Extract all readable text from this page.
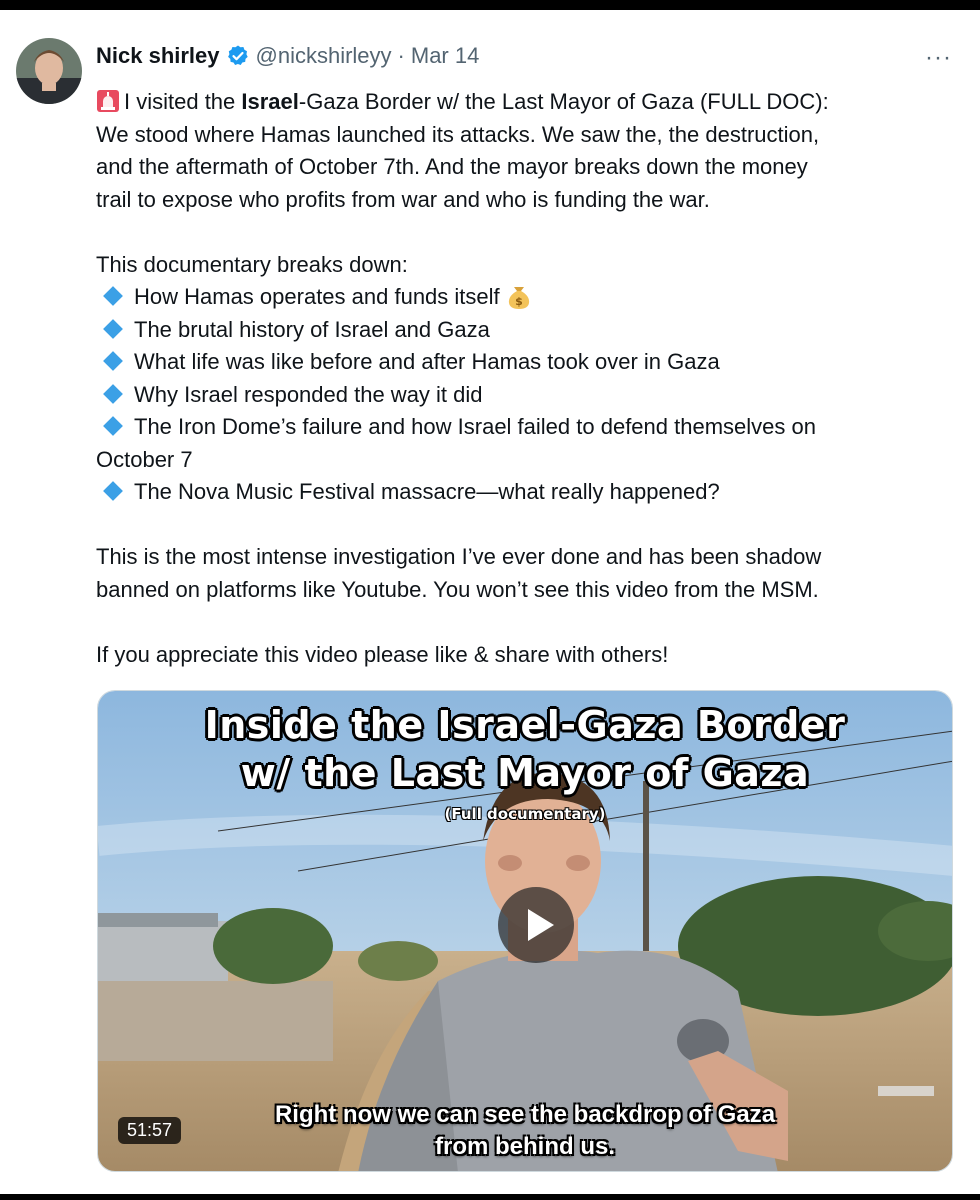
Nick shirley @nickshirleyy · Mar 14	···
I visited the Israel-Gaza Border w/ the Last Mayor of Gaza (FULL DOC):
We stood where Hamas launched its attacks. We saw the, the destruction,
and the aftermath of October 7th. And the mayor breaks down the money
trail to expose who profits from war and who is funding the war.
This documentary breaks down:
How Hamas operates and funds itself $
The brutal history of Israel and Gaza
What life was like before and after Hamas took over in Gaza
Why Israel responded the way it did
The Iron Dome’s failure and how Israel failed to defend themselves on
October 7
The Nova Music Festival massacre—what really happened?
This is the most intense investigation I’ve ever done and has been shadow
banned on platforms like Youtube. You won’t see this video from the MSM.
If you appreciate this video please like & share with others!
Inside the Israel-Gaza Border
w/ the Last Mayor of Gaza
(Full documentary)
Right now we can see the backdrop of Gaza
from behind us.
51:57
